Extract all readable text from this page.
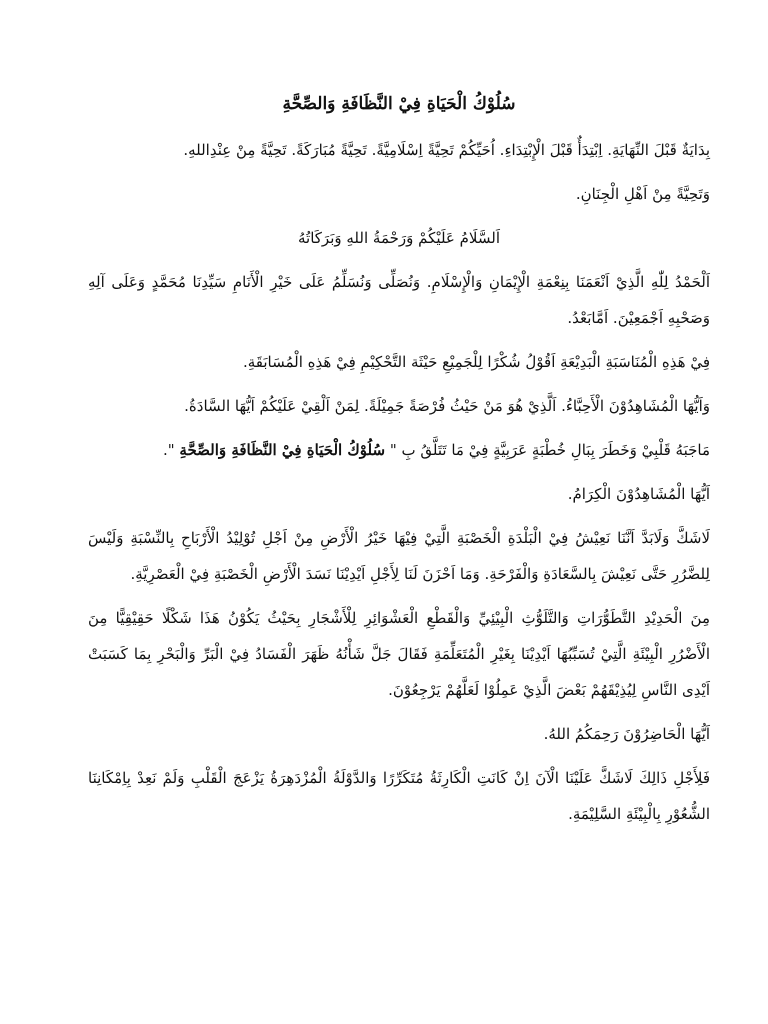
سُلُوْكُ الْحَيَاةِ فِيْ النَّظَافَةِ وَالصِّحَّةِ

بِدَايَةٌ قَبْلَ النِّهَايَةِ. اِبْتِدَأٌ قَبْلَ الْإِبْتِدَاءِ. اُحَيِّكُمْ تَحِيَّةً اِسْلَامِيَّةً. تَحِيَّةً مُبَارَكَةً. تَحِيَّةً مِنْ عِنْدِاللهِ.

وَتَحِيَّةً مِنْ اَهْلِ الْجِنَانِ.

اَلسَّلَامُ عَلَيْكُمْ وَرَحْمَةُ اللهِ وَبَرَكَاتُهُ

اَلْحَمْدُ لِلّٰهِ الَّذِيْ اَنْعَمَنَا بِنِعْمَةِ الْإِيْمَانِ وَالْإِسْلَامِ. وَنُصَلِّى وَنُسَلِّمُ عَلَى خَيْرِ الْأَنَامِ سَيِّدِنَا مُحَمَّدٍ وَعَلَى آلِهِ وَصَحْبِهِ اَجْمَعِيْنَ. اَمَّابَعْدُ.

فِيْ هَذِهِ الْمُنَاسَبَةِ الْبَدِيْعَةِ اَقُوْلُ شُكْرًا لِلْجَمِيْعِ حَيْثَة التَّحْكِيْمِ فِيْ هَذِهِ الْمُسَابَقَةِ.

وَاَيُّهَا الْمُشَاهِدُوْنَ الْأَحِبَّاءُ. اَلَّذِيْ هُوَ مَنْ حَيْثُ فُرْصَةً جَمِيْلَةً. لِمَنْ اَلْقِيْ عَلَيْكُمْ اَيُّهَا السَّادَةُ.

مَاجَبَهُ قَلْبِيْ وَخَطَرَ بِبَالِ خُطْبَةٍ عَرَبِيَّةٍ فِيْ مَا تَتَلَّقُ بِ " سُلُوْكُ الْحَيَاةِ فِيْ النَّظَافَةِ وَالصِّحَّةِ ".

اَيُّهَا الْمُشَاهِدُوْنَ الْكِرَامُ.

لَاشَكَّ وَلَابَدَّ اَنَّنَا نَعِيْشُ فِيْ الْبَلْدَةِ الْخَصْبَةِ الَّتِيْ فِيْهَا خَيْرُ الْأَرْضِ مِنْ اَجْلِ تُوْلِيْدُ الْأَرْبَاحِ بِالنِّسْبَةِ وَلَيْسَ لِلضَّرُرِ حَتَّى نَعِيْشَ بِالسَّعَادَةِ وَالْفَرْحَةِ. وَمَا اَحْزَنَ لَنَا لِأَجْلِ اَيْدِيْنَا نَسَدَ الْأَرْضِ الْخَصْبَةِ فِيْ الْعَصْرِيَّةِ.

مِنَ الْحَدِيْدِ التَّطَوُّرَاتِ وَالتَّلَوُّثِ الْبِيْئِيِّ وَالْقَطْعِ الْعَشْوَائِرِ لِلْأَشْجَارِ بِحَيْثُ يَكُوْنُ هَذَا شَكْلًا حَقِيْقِيًّا مِنَ الْأَضْرُرِ الْبِيْئَةِ الَّتِيْ تُسَبِّبُهَا اَيْدِيْنَا بِغَيْرِ الْمُتَعَلِّمَةِ فَقَالَ جَلَّ شَأْنُهُ ظَهَرَ الْفَسَادُ فِيْ الْبَرِّ وَالْبَحْرِ بِمَا كَسَبَتْ اَيْدِى النَّاسِ لِيُذِيْقَهُمْ بَعْضَ الَّذِيْ عَمِلُوْا لَعَلَّهُمْ يَرْجِعُوْنَ.

اَيُّهَا الْحَاضِرُوْنَ رَحِمَكُمُ اللهُ.

فَلِأَجْلِ ذَالِكَ لَاشَكَّ عَلَيْنَا الْآنَ اِنْ كَانَتِ الْكَارِثَةُ مُتَكَرِّرًا وَالدَّوْلَةُ الْمُزْدَهِرَةُ يَزْعَجَ الْقَلْبِ وَلَمْ نَعِدْ بِاِمْكَانِنَا الشُّعُوْرِ بِالْبِيْئَةِ السَّلِيْمَةِ.
